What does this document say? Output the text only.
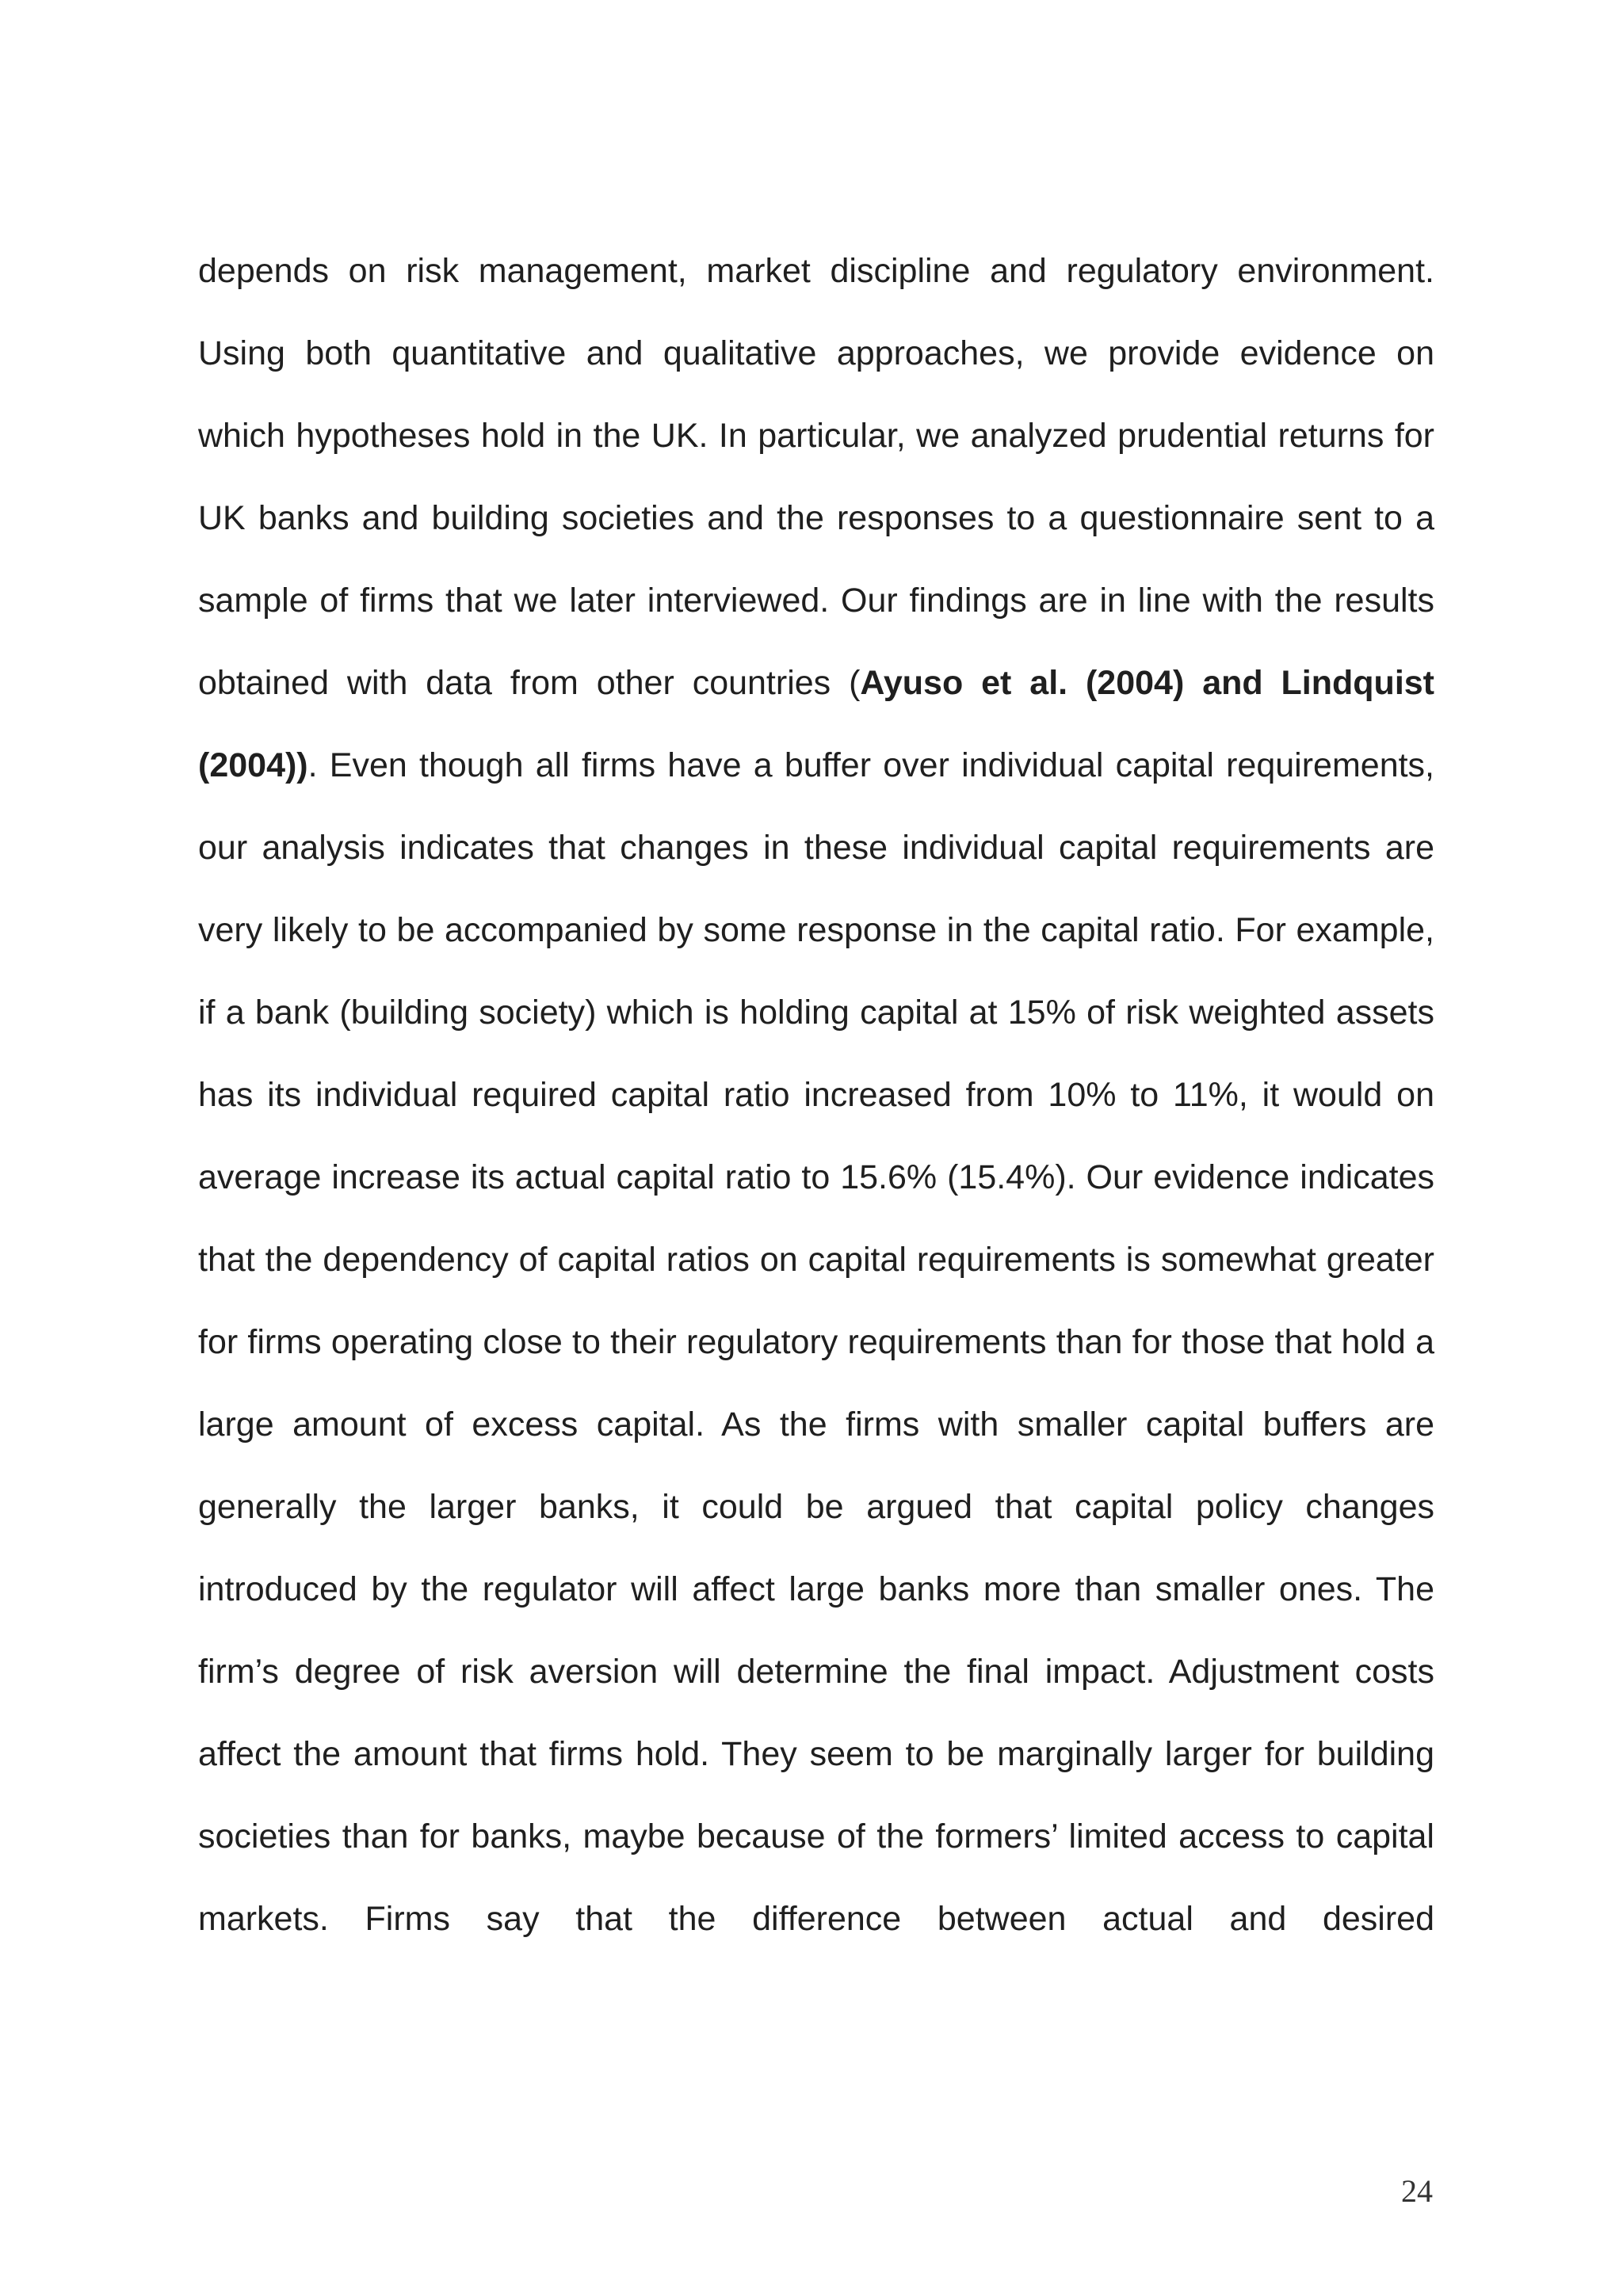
depends on risk management, market discipline and regulatory environment. Using both quantitative and qualitative approaches, we provide evidence on which hypotheses hold in the UK. In particular, we analyzed prudential returns for UK banks and building societies and the responses to a questionnaire sent to a sample of firms that we later interviewed. Our findings are in line with the results obtained with data from other countries (Ayuso et al. (2004) and Lindquist (2004)). Even though all firms have a buffer over individual capital requirements, our analysis indicates that changes in these individual capital requirements are very likely to be accompanied by some response in the capital ratio. For example, if a bank (building society) which is holding capital at 15% of risk weighted assets has its individual required capital ratio increased from 10% to 11%, it would on average increase its actual capital ratio to 15.6% (15.4%). Our evidence indicates that the dependency of capital ratios on capital requirements is somewhat greater for firms operating close to their regulatory requirements than for those that hold a large amount of excess capital. As the firms with smaller capital buffers are generally the larger banks, it could be argued that capital policy changes introduced by the regulator will affect large banks more than smaller ones. The firm’s degree of risk aversion will determine the final impact. Adjustment costs affect the amount that firms hold. They seem to be marginally larger for building societies than for banks, maybe because of the formers’ limited access to capital markets. Firms say that the difference between actual and desired

24
